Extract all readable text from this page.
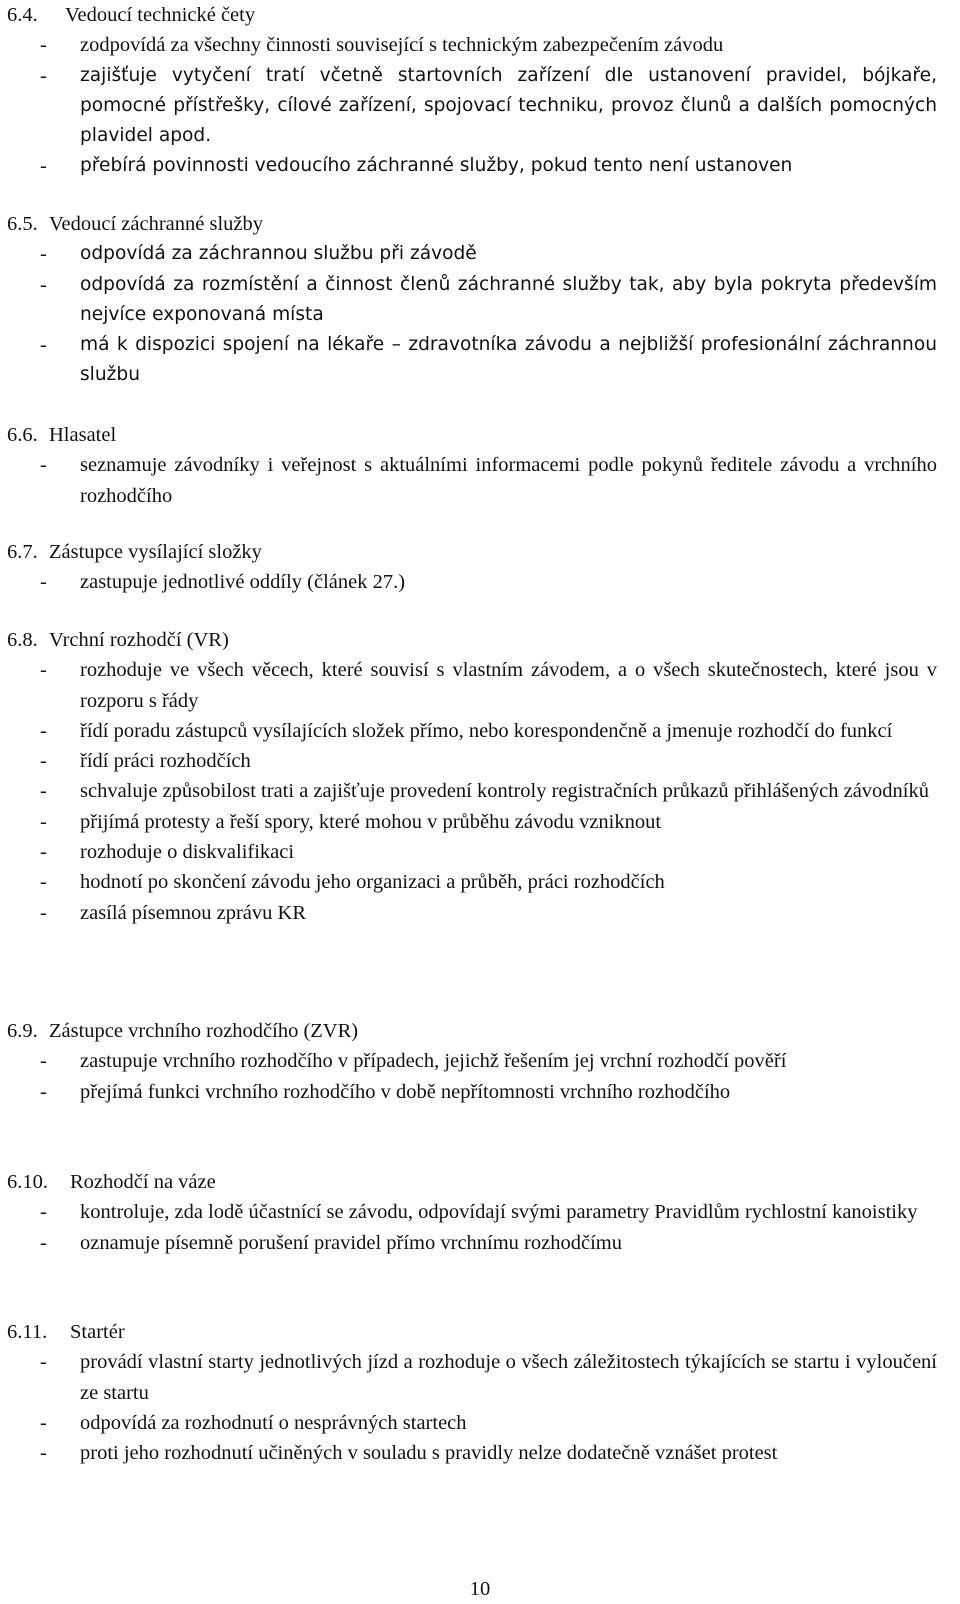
6.4. Vedoucí technické čety
- zodpovídá za všechny činnosti související s technickým zabezpečením závodu
- zajišťuje vytyčení tratí včetně startovních zařízení dle ustanovení pravidel, bójkaře, pomocné přístřešky, cílové zařízení, spojovací techniku, provoz člunů a dalších pomocných plavidel apod.
- přebírá povinnosti vedoucího záchranné služby, pokud tento není ustanoven
6.5. Vedoucí záchranné služby
- odpovídá za záchrannou službu při závodě
- odpovídá za rozmístění a činnost členů záchranné služby tak, aby byla pokryta především nejvíce exponovaná místa
- má k dispozici spojení na lékaře – zdravotníka závodu a nejbližší profesionální záchrannou službu
6.6. Hlasatel
- seznamuje závodníky i veřejnost s aktuálními informacemi podle pokynů ředitele závodu a vrchního rozhodčího
6.7. Zástupce vysílající složky
- zastupuje jednotlivé oddíly (článek 27.)
6.8. Vrchní rozhodčí (VR)
- rozhoduje ve všech věcech, které souvisí s vlastním závodem, a o všech skutečnostech, které jsou v rozporu s řády
- řídí poradu zástupců vysílajících složek přímo, nebo korespondenčně a jmenuje rozhodčí do funkcí
- řídí práci rozhodčích
- schvaluje způsobilost trati a zajišťuje provedení kontroly registračních průkazů přihlášených závodníků
- přijímá protesty a řeší spory, které mohou v průběhu závodu vzniknout
- rozhoduje o diskvalifikaci
- hodnotí po skončení závodu jeho organizaci a průběh, práci rozhodčích
- zasílá písemnou zprávu KR
6.9. Zástupce vrchního rozhodčího (ZVR)
- zastupuje vrchního rozhodčího v případech, jejichž řešením jej vrchní rozhodčí pověří
- přejímá funkci vrchního rozhodčího v době nepřítomnosti vrchního rozhodčího
6.10. Rozhodčí na váze
- kontroluje, zda lodě účastnící se závodu, odpovídají svými parametry Pravidlům rychlostní kanoistiky
- oznamuje písemně porušení pravidel přímo vrchnímu rozhodčímu
6.11. Startér
- provádí vlastní starty jednotlivých jízd a rozhoduje o všech záležitostech týkajících se startu i vyloučení ze startu
- odpovídá za rozhodnutí o nesprávných startech
- proti jeho rozhodnutí učiněných v souladu s pravidly nelze dodatečně vznášet protest
10
